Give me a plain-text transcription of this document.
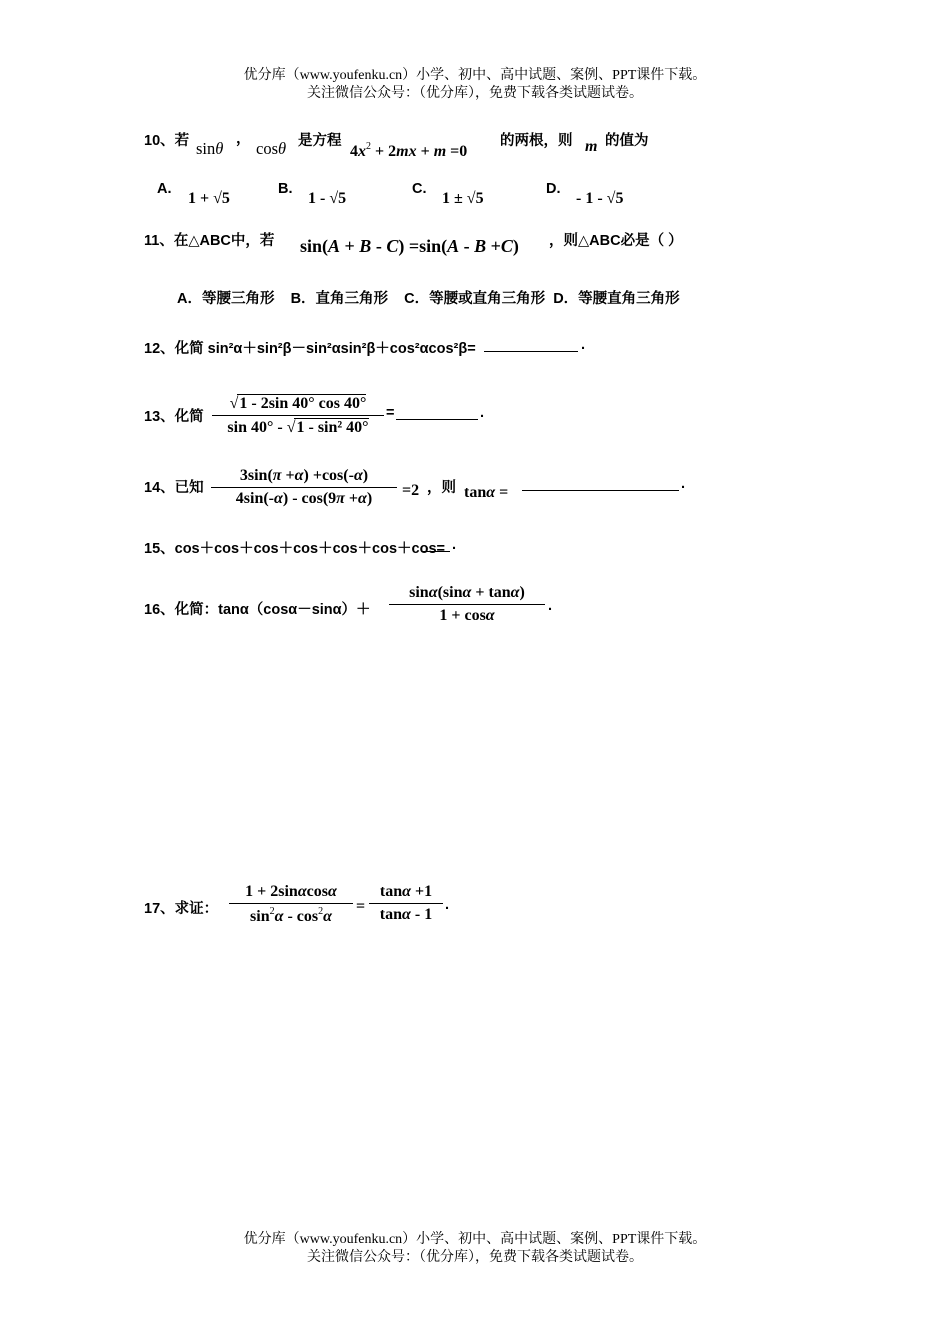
优分库（www.youfenku.cn）小学、初中、高中试题、案例、PPT课件下载。
关注微信公众号：（优分库），免费下载各类试题试卷。
10、若 sinθ ， cosθ 是方程
$4x^2 + 2mx + m =0$
的两根，则 m 的值为
A.
1 + √5
B.
1 - √5
C.
1 ± √5
D.
- 1 - √5
11、在△ABC中，若 sin(A + B - C) =sin(A - B +C) ，则△ABC必是（ ）
A．等腰三角形    B．直角三角形    C．等腰或直角三角形  D．等腰直角三角形
12、化简 sin²α＋sin²β－sin²αsin²β＋cos²αcos²β=	.
13、化简
√1 - 2sin 40° cos 40°
sin 40° - √1 - sin² 40°
=	.
14、已知
3sin(π +α) +cos(-α)
4sin(-α) - cos(9π +α)	=2 ，则 tanα =	.
15、cos＋cos＋cos＋cos＋cos＋cos＋cos= .
16、化简：tanα（cosα－sinα）＋
sinα(sinα + tanα)
1 + cosα
.
17、求证：
1 + 2sinαcosα
$\sin^2\alpha - \cos^2\alpha$
=
tanα +1
tanα - 1
.
优分库（www.youfenku.cn）小学、初中、高中试题、案例、PPT课件下载。
关注微信公众号：（优分库），免费下载各类试题试卷。
